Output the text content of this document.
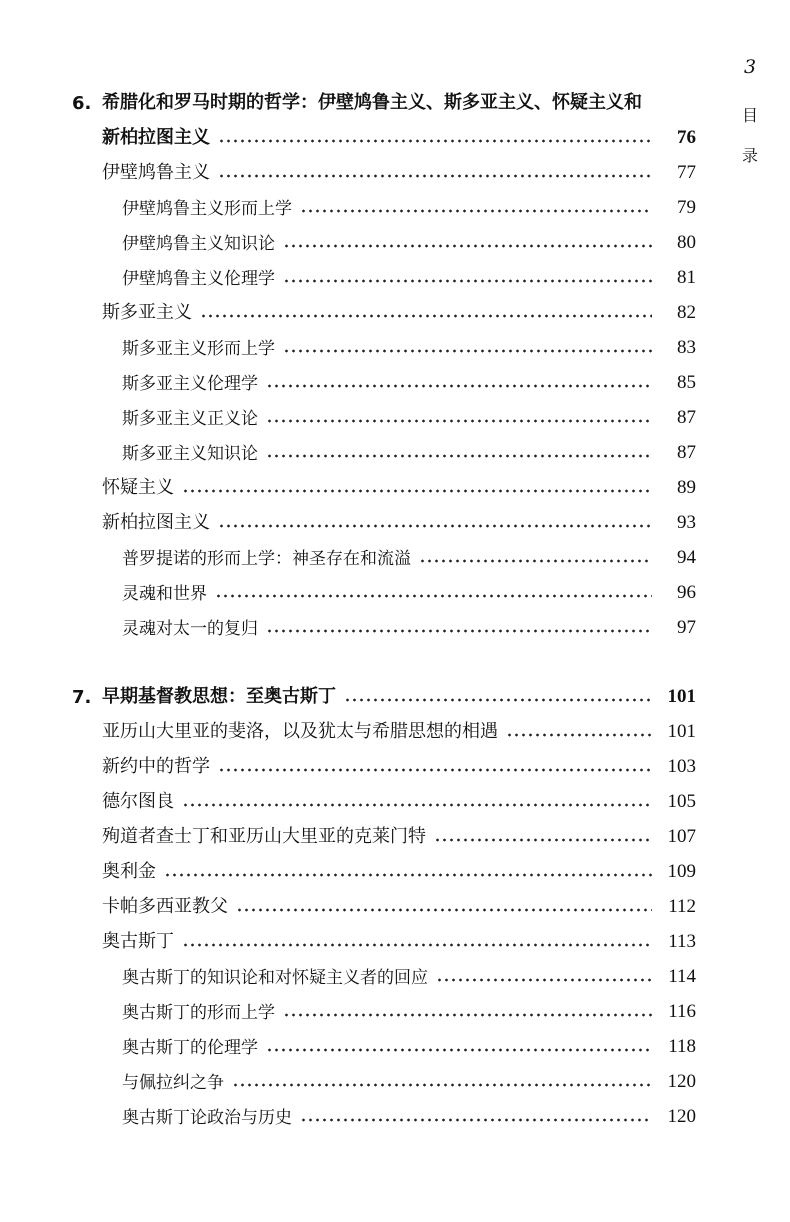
3
目
录
6. 希腊化和罗马时期的哲学：伊壁鸠鲁主义、斯多亚主义、怀疑主义和
新柏拉图主义	76
伊壁鸠鲁主义	77
伊壁鸠鲁主义形而上学	79
伊壁鸠鲁主义知识论	80
伊壁鸠鲁主义伦理学	81
斯多亚主义	82
斯多亚主义形而上学	83
斯多亚主义伦理学	85
斯多亚主义正义论	87
斯多亚主义知识论	87
怀疑主义	89
新柏拉图主义	93
普罗提诺的形而上学：神圣存在和流溢	94
灵魂和世界	96
灵魂对太一的复归	97
7. 早期基督教思想：至奥古斯丁	101
亚历山大里亚的斐洛，以及犹太与希腊思想的相遇	101
新约中的哲学	103
德尔图良	105
殉道者查士丁和亚历山大里亚的克莱门特	107
奥利金	109
卡帕多西亚教父	112
奥古斯丁	113
奥古斯丁的知识论和对怀疑主义者的回应	114
奥古斯丁的形而上学	116
奥古斯丁的伦理学	118
与佩拉纠之争	120
奥古斯丁论政治与历史	120
